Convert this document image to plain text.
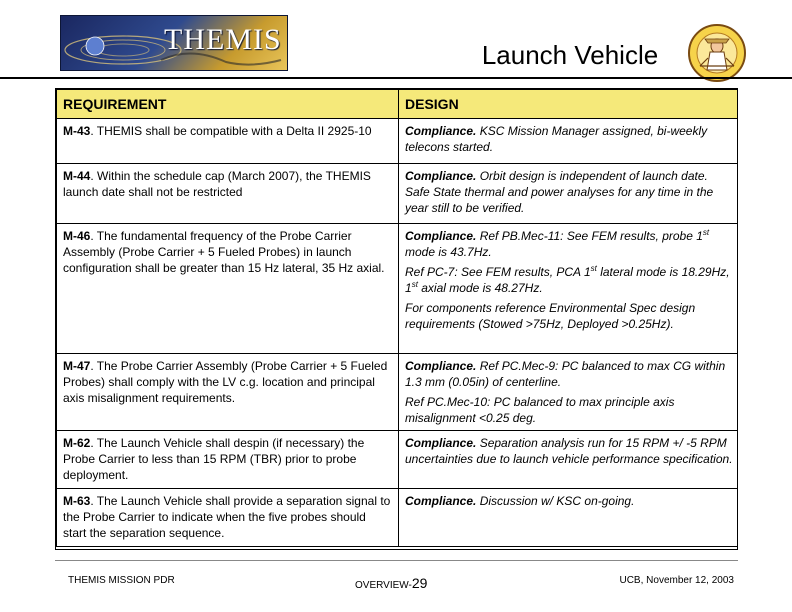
THEMIS	Launch Vehicle
REQUIREMENT	DESIGN
M-43. THEMIS shall be compatible with a Delta II 2925-10	Compliance. KSC Mission Manager assigned, bi-weekly telecons started.

M-44. Within the schedule cap (March 2007), the THEMIS launch date shall not be restricted	Compliance. Orbit design is independent of launch date. Safe State thermal and power analyses for any time in the year still to be verified.

M-46. The fundamental frequency of the Probe Carrier Assembly (Probe Carrier + 5 Fueled Probes) in launch configuration shall be greater than 15 Hz lateral, 35 Hz axial.	Compliance. Ref PB.Mec-11: See FEM results, probe 1st mode is 43.7Hz.

Ref PC-7: See FEM results, PCA 1st lateral mode is 18.29Hz, 1st axial mode is 48.27Hz.

For components reference Environmental Spec design requirements (Stowed >75Hz, Deployed >0.25Hz).

M-47. The Probe Carrier Assembly (Probe Carrier + 5 Fueled Probes) shall comply with the LV c.g. location and principal axis misalignment requirements.	Compliance. Ref PC.Mec-9: PC balanced to max CG within 1.3 mm (0.05in) of centerline.

Ref PC.Mec-10: PC balanced to max principle axis misalignment <0.25 deg.

M-62. The Launch Vehicle shall despin (if necessary) the Probe Carrier to less than 15 RPM (TBR) prior to probe deployment.	Compliance. Separation analysis run for 15 RPM +/ -5 RPM uncertainties due to launch vehicle performance specification.

M-63. The Launch Vehicle shall provide a separation signal to the Probe Carrier to indicate when the five probes should start the separation sequence.	Compliance. Discussion w/ KSC on-going.

THEMIS MISSION PDR	OVERVIEW-29	UCB, November 12, 2003
